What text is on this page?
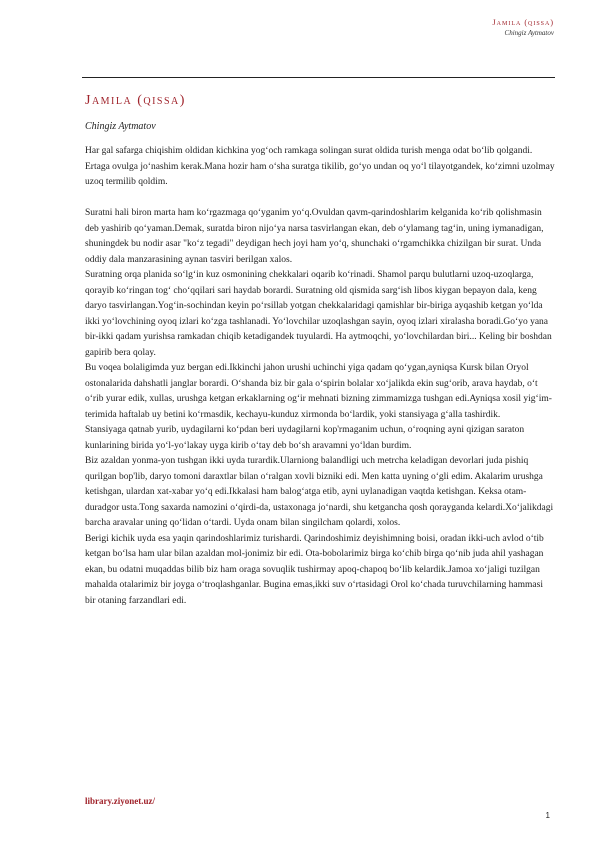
Jamila (qissa)
Chingiz Aytmatov
Jamila (qissa)

Chingiz Aytmatov

Har gal safarga chiqishim oldidan kichkina yog‘och ramkaga solingan surat oldida turish menga odat bo‘lib qolgandi. Ertaga ovulga jo‘nashim kerak.Mana hozir ham o‘sha suratga tikilib, go‘yo undan oq yo‘l tilayotgandek, ko‘zimni uzolmay uzoq termilib qoldim.

Suratni hali biron marta ham ko‘rgazmaga qo‘yganim yo‘q.Ovuldan qavm-qarindoshlarim kelganida ko‘rib qolishmasin deb yashirib qo‘yaman.Demak, suratda biron nijo‘ya narsa tasvirlangan ekan, deb o‘ylamang tag‘in, uning iymanadigan, shuningdek bu nodir asar "ko‘z tegadi" deydigan hech joyi ham yo‘q, shunchaki o‘rgamchikka chizilgan bir surat. Unda oddiy dala manzarasining aynan tasviri berilgan xalos.

Suratning orqa planida so‘lg‘in kuz osmonining chekkalari oqarib ko‘rinadi. Shamol parqu bulutlarni uzoq-uzoqlarga, qorayib ko‘ringan tog‘ cho‘qqilari sari haydab borardi. Suratning old qismida sarg‘ish libos kiygan bepayon dala, keng daryo tasvirlangan.Yog‘in-sochindan keyin po‘rsillab yotgan chekkalaridagi qamishlar bir-biriga ayqashib ketgan yo‘lda ikki yo‘lovchining oyoq izlari ko‘zga tashlanadi. Yo‘lovchilar uzoqlashgan sayin, oyoq izlari xiralasha boradi.Go‘yo yana bir-ikki qadam yurishsa ramkadan chiqib ketadigandek tuyulardi. Ha aytmoqchi, yo‘lovchilardan biri... Keling bir boshdan gapirib bera qolay.

Bu voqea bolaligimda yuz bergan edi.Ikkinchi jahon urushi uchinchi yiga qadam qo‘ygan,ayniqsa Kursk bilan Oryol ostonalarida dahshatli janglar borardi. O‘shanda biz bir gala o‘spirin bolalar xo‘jalikda ekin sug‘orib, arava haydab, o‘t o‘rib yurar edik, xullas, urushga ketgan erkaklarning og‘ir mehnati bizning zimmamizga tushgan edi.Ayniqsa xosil yig‘im-terimida haftalab uy betini ko‘rmasdik, kechayu-kunduz xirmonda bo‘lardik, yoki stansiyaga g‘alla tashirdik.

Stansiyaga qatnab yurib, uydagilarni ko‘pdan beri uydagilarni kop'rmaganim uchun, o‘roqning ayni qizigan saraton kunlarining birida yo‘l-yo‘lakay uyga kirib o‘tay deb bo‘sh aravamni yo‘ldan burdim.

Biz azaldan yonma-yon tushgan ikki uyda turardik.Ularniong balandligi uch metrcha keladigan devorlari juda pishiq qurilgan bop'lib, daryo tomoni daraxtlar bilan o‘ralgan xovli bizniki edi. Men katta uyning o‘gli edim. Akalarim urushga ketishgan, ulardan xat-xabar yo‘q edi.Ikkalasi ham balog‘atga etib, ayni uylanadigan vaqtda ketishgan. Keksa otam- duradgor usta.Tong saxarda namozini o‘qirdi-da, ustaxonaga jo‘nardi, shu ketgancha qosh qorayganda kelardi.Xo‘jalikdagi barcha aravalar uning qo‘lidan o‘tardi. Uyda onam bilan singilcham qolardi, xolos.

Berigi kichik uyda esa yaqin qarindoshlarimiz turishardi. Qarindoshimiz deyishimning boisi, oradan ikki-uch avlod o‘tib ketgan bo‘lsa ham ular bilan azaldan mol-jonimiz bir edi. Ota-bobolarimiz birga ko‘chib birga qo‘nib juda ahil yashagan ekan, bu odatni muqaddas bilib biz ham oraga sovuqlik tushirmay apoq-chapoq bo‘lib kelardik.Jamoa xo‘jaligi tuzilgan mahalda otalarimiz bir joyga o‘troqlashganlar. Bugina emas,ikki suv o‘rtasidagi Orol ko‘chada turuvchilarning hammasi bir otaning farzandlari edi.

library.ziyonet.uz/
1
